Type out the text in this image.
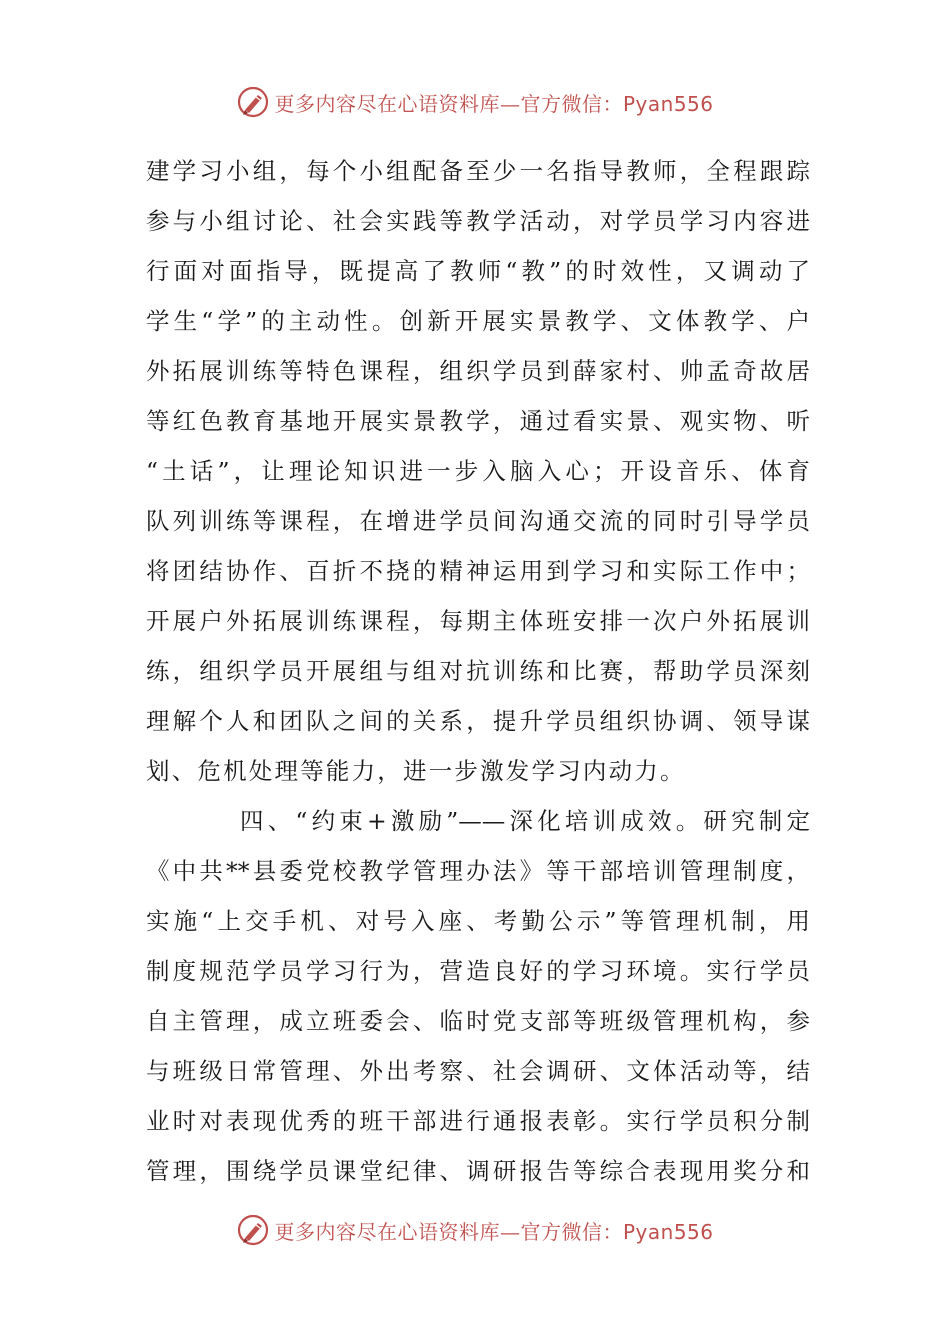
更多内容尽在心语资料库—官方微信：Pyan556
建学习小组，每个小组配备至少一名指导教师，全程跟踪
参与小组讨论、社会实践等教学活动，对学员学习内容进
行面对面指导，既提高了教师“教”的时效性，又调动了
学生“学”的主动性。创新开展实景教学、文体教学、户
外拓展训练等特色课程，组织学员到薛家村、帅孟奇故居
等红色教育基地开展实景教学，通过看实景、观实物、听
“土话”，让理论知识进一步入脑入心；开设音乐、体育
队列训练等课程，在增进学员间沟通交流的同时引导学员
将团结协作、百折不挠的精神运用到学习和实际工作中；
开展户外拓展训练课程，每期主体班安排一次户外拓展训
练，组织学员开展组与组对抗训练和比赛，帮助学员深刻
理解个人和团队之间的关系，提升学员组织协调、领导谋
划、危机处理等能力，进一步激发学习内动力。
四、“约束+激励”——深化培训成效。研究制定
《中共**县委党校教学管理办法》等干部培训管理制度，
实施“上交手机、对号入座、考勤公示”等管理机制，用
制度规范学员学习行为，营造良好的学习环境。实行学员
自主管理，成立班委会、临时党支部等班级管理机构，参
与班级日常管理、外出考察、社会调研、文体活动等，结
业时对表现优秀的班干部进行通报表彰。实行学员积分制
管理，围绕学员课堂纪律、调研报告等综合表现用奖分和
更多内容尽在心语资料库—官方微信：Pyan556
